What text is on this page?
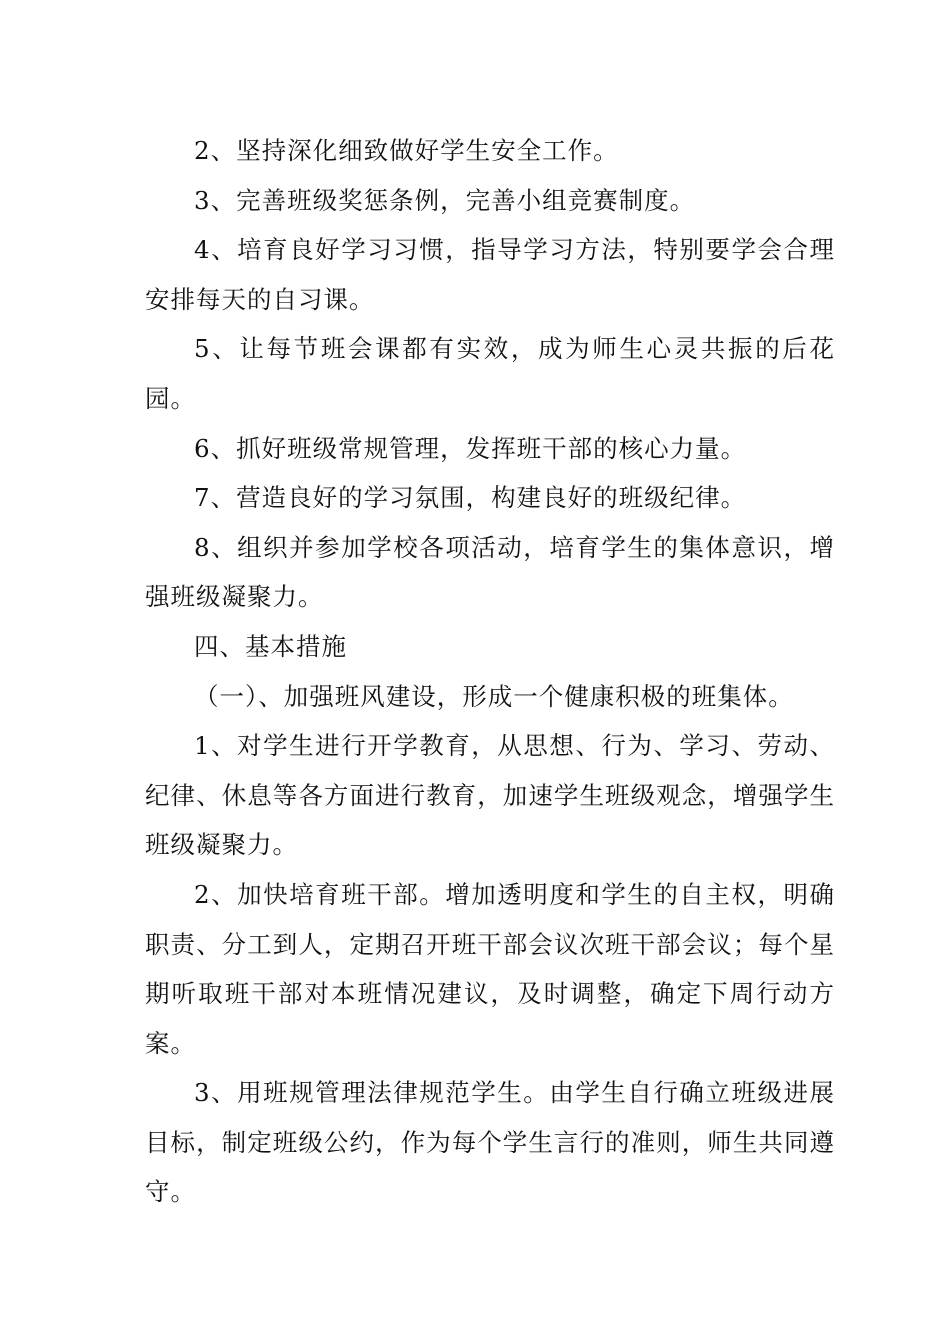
2、坚持深化细致做好学生安全工作。

3、完善班级奖惩条例，完善小组竞赛制度。

4、培育良好学习习惯，指导学习方法，特别要学会合理安排每天的自习课。

5、让每节班会课都有实效，成为师生心灵共振的后花园。

6、抓好班级常规管理，发挥班干部的核心力量。

7、营造良好的学习氛围，构建良好的班级纪律。

8、组织并参加学校各项活动，培育学生的集体意识，增强班级凝聚力。

四、基本措施

（一）、加强班风建设，形成一个健康积极的班集体。

1、对学生进行开学教育，从思想、行为、学习、劳动、纪律、休息等各方面进行教育，加速学生班级观念，增强学生班级凝聚力。

2、加快培育班干部。增加透明度和学生的自主权，明确职责、分工到人，定期召开班干部会议次班干部会议；每个星期听取班干部对本班情况建议，及时调整，确定下周行动方案。

3、用班规管理法律规范学生。由学生自行确立班级进展目标，制定班级公约，作为每个学生言行的准则，师生共同遵守。
